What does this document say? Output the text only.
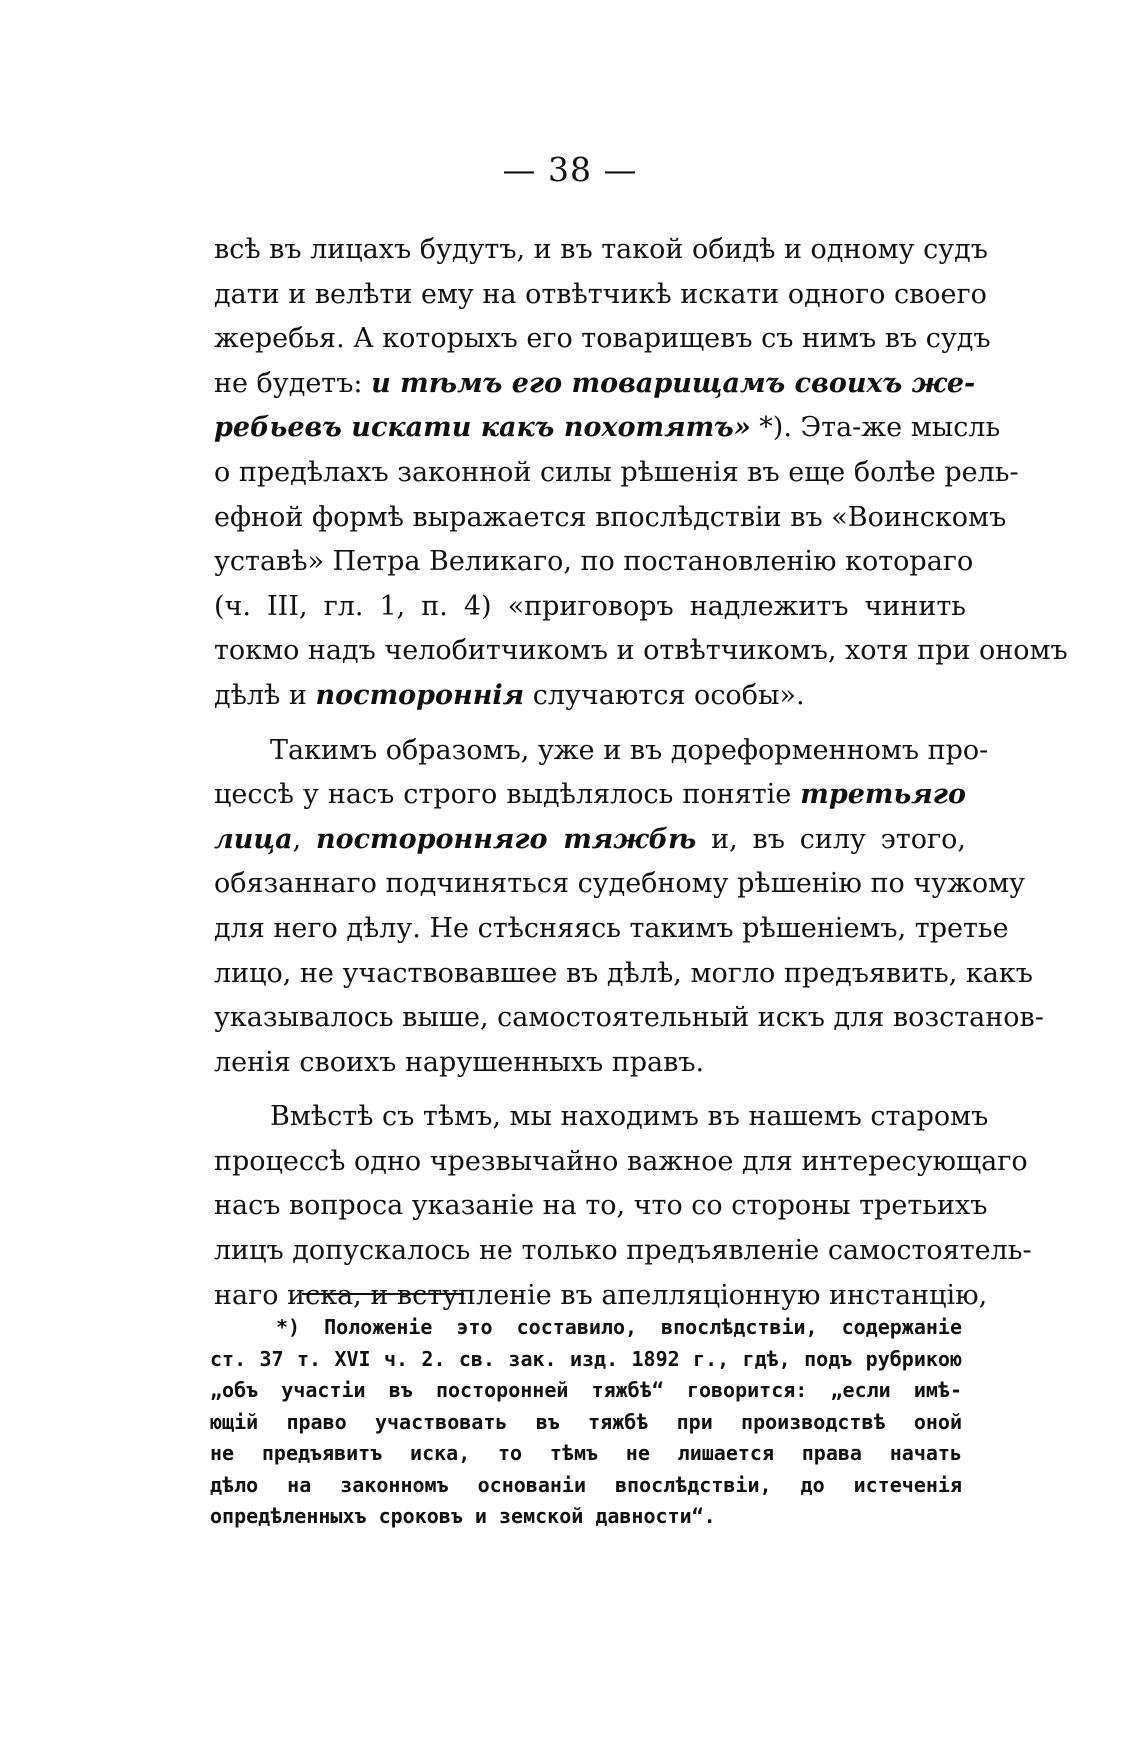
— 38 —
всѣ въ лицахъ будутъ, и въ такой обидѣ и одному судъ
дати и велѣти ему на отвѣтчикѣ искати одного своего
жеребья. А которыхъ его товарищевъ съ нимъ въ судъ
не будетъ: и тѣмъ его товарищамъ своихъ же-
ребьевъ искати какъ похотятъ» *). Эта-же мысль
о предѣлахъ законной силы рѣшенія въ еще болѣе рель-
ефной формѣ выражается впослѣдствіи въ «Воинскомъ
уставѣ» Петра Великаго, по постановленію котораго
(ч. III, гл. 1, п. 4) «приговоръ надлежитъ чинить
токмо надъ челобитчикомъ и отвѣтчикомъ, хотя при ономъ
дѣлѣ и постороннія случаются особы».
Такимъ образомъ, уже и въ дореформенномъ про-
цессѣ у насъ строго выдѣлялось понятіе третьяго
лица, посторонняго тяжбѣ и, въ силу этого,
обязаннаго подчиняться судебному рѣшенію по чужому
для него дѣлу. Не стѣсняясь такимъ рѣшеніемъ, третье
лицо, не участвовавшее въ дѣлѣ, могло предъявить, какъ
указывалось выше, самостоятельный искъ для возстанов-
ленія своихъ нарушенныхъ правъ.
Вмѣстѣ съ тѣмъ, мы находимъ въ нашемъ старомъ
процессѣ одно чрезвычайно важное для интересующаго
насъ вопроса указаніе на то, что со стороны третьихъ
лицъ допускалось не только предъявленіе самостоятель-
наго иска, и вступленіе въ апелляціонную инстанцію,
*) Положеніе это составило, впослѣдствіи, содержаніе
ст. 37 т. XVI ч. 2. св. зак. изд. 1892 г., гдѣ, подъ рубрикою
„объ участіи въ посторонней тяжбѣ“ говорится: „если имѣ-
ющій право участвовать въ тяжбѣ при производствѣ оной
не предъявитъ иска, то тѣмъ не лишается права начать
дѣло на законномъ основаніи впослѣдствіи, до истеченія
опредѣленныхъ сроковъ и земской давности“.
